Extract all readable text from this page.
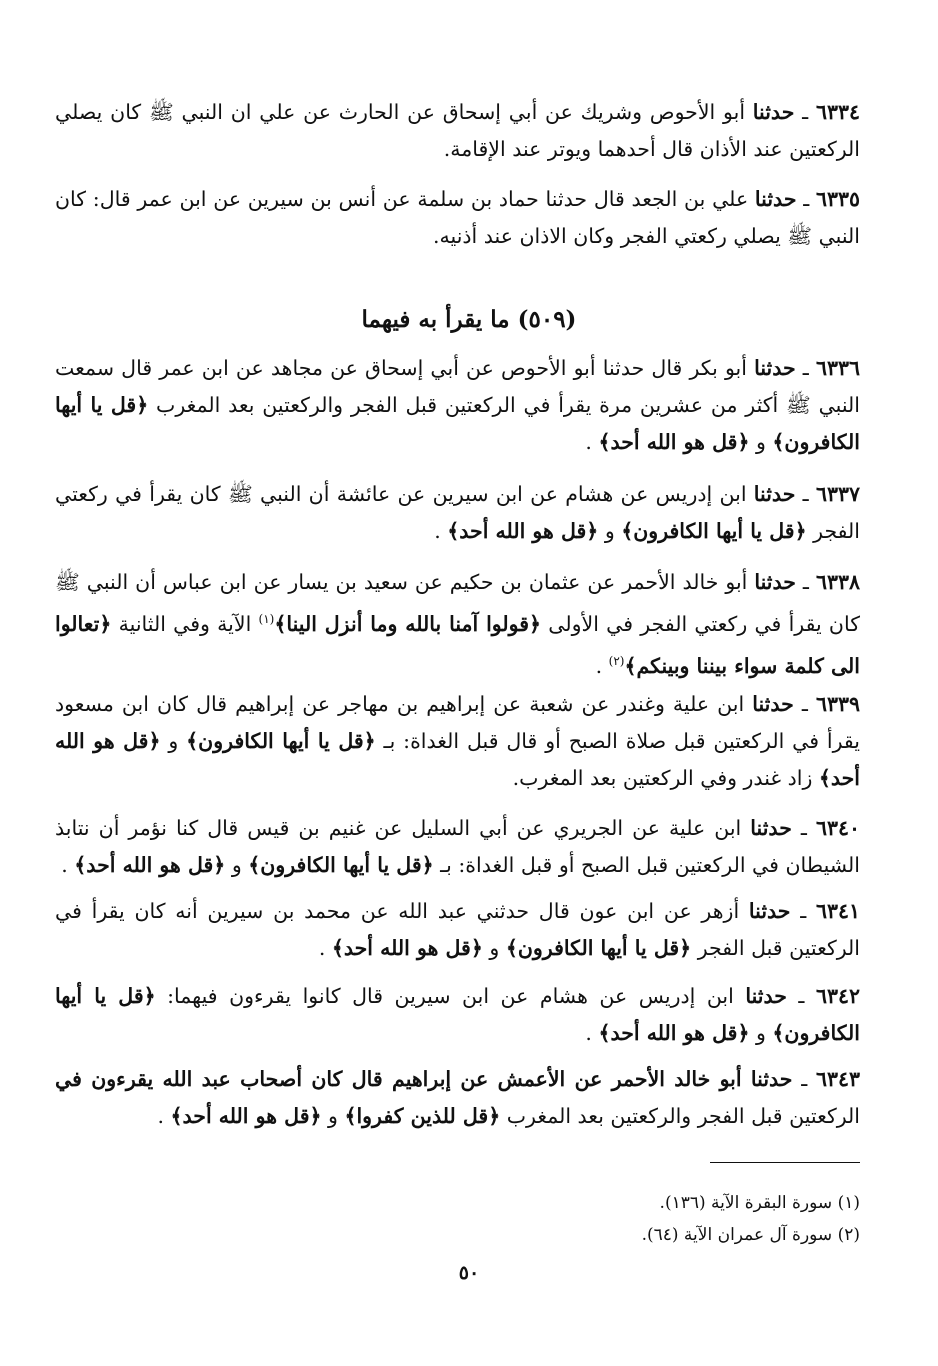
٦٣٣٤ ـ حدثنا أبو الأحوص وشريك عن أبي إسحاق عن الحارث عن علي ان النبي ﷺ كان يصلي الركعتين عند الأذان قال أحدهما ويوتر عند الإقامة.

٦٣٣٥ ـ حدثنا علي بن الجعد قال حدثنا حماد بن سلمة عن أنس بن سيرين عن ابن عمر قال: كان النبي ﷺ يصلي ركعتي الفجر وكان الاذان عند أذنيه.

(٥٠٩) ما يقرأ به فيهما

٦٣٣٦ ـ حدثنا أبو بكر قال حدثنا أبو الأحوص عن أبي إسحاق عن مجاهد عن ابن عمر قال سمعت النبي ﷺ أكثر من عشرين مرة يقرأ في الركعتين قبل الفجر والركعتين بعد المغرب ﴿قل يا أيها الكافرون﴾ و ﴿قل هو الله أحد﴾ .

٦٣٣٧ ـ حدثنا ابن إدريس عن هشام عن ابن سيرين عن عائشة أن النبي ﷺ كان يقرأ في ركعتي الفجر ﴿قل يا أيها الكافرون﴾ و ﴿قل هو الله أحد﴾ .

٦٣٣٨ ـ حدثنا أبو خالد الأحمر عن عثمان بن حكيم عن سعيد بن يسار عن ابن عباس أن النبي ﷺ كان يقرأ في ركعتي الفجر في الأولى ﴿قولوا آمنا بالله وما أنزل الينا﴾$^{(١)}$ الآية وفي الثانية ﴿تعالوا الى كلمة سواء بيننا وبينكم﴾$^{(٢)}$ .

٦٣٣٩ ـ حدثنا ابن علية وغندر عن شعبة عن إبراهيم بن مهاجر عن إبراهيم قال كان ابن مسعود يقرأ في الركعتين قبل صلاة الصبح أو قال قبل الغداة: بـ ﴿قل يا أيها الكافرون﴾ و ﴿قل هو الله أحد﴾ زاد غندر وفي الركعتين بعد المغرب.

٦٣٤٠ ـ حدثنا ابن علية عن الجريري عن أبي السليل عن غنيم بن قيس قال كنا نؤمر أن نتابذ الشيطان في الركعتين قبل الصبح أو قبل الغداة: بـ ﴿قل يا أيها الكافرون﴾ و ﴿قل هو الله أحد﴾ .

٦٣٤١ ـ حدثنا أزهر عن ابن عون قال حدثني عبد الله عن محمد بن سيرين أنه كان يقرأ في الركعتين قبل الفجر ﴿قل يا أيها الكافرون﴾ و ﴿قل هو الله أحد﴾ .

٦٣٤٢ ـ حدثنا ابن إدريس عن هشام عن ابن سيرين قال كانوا يقرءون فيهما: ﴿قل يا أيها الكافرون﴾ و ﴿قل هو الله أحد﴾ .

٦٣٤٣ ـ حدثنا أبو خالد الأحمر عن الأعمش عن إبراهيم قال كان أصحاب عبد الله يقرءون في الركعتين قبل الفجر والركعتين بعد المغرب ﴿قل للذين كفروا﴾ و ﴿قل هو الله أحد﴾ .

(١) سورة البقرة الآية (١٣٦).
(٢) سورة آل عمران الآية (٦٤).
٥٠
